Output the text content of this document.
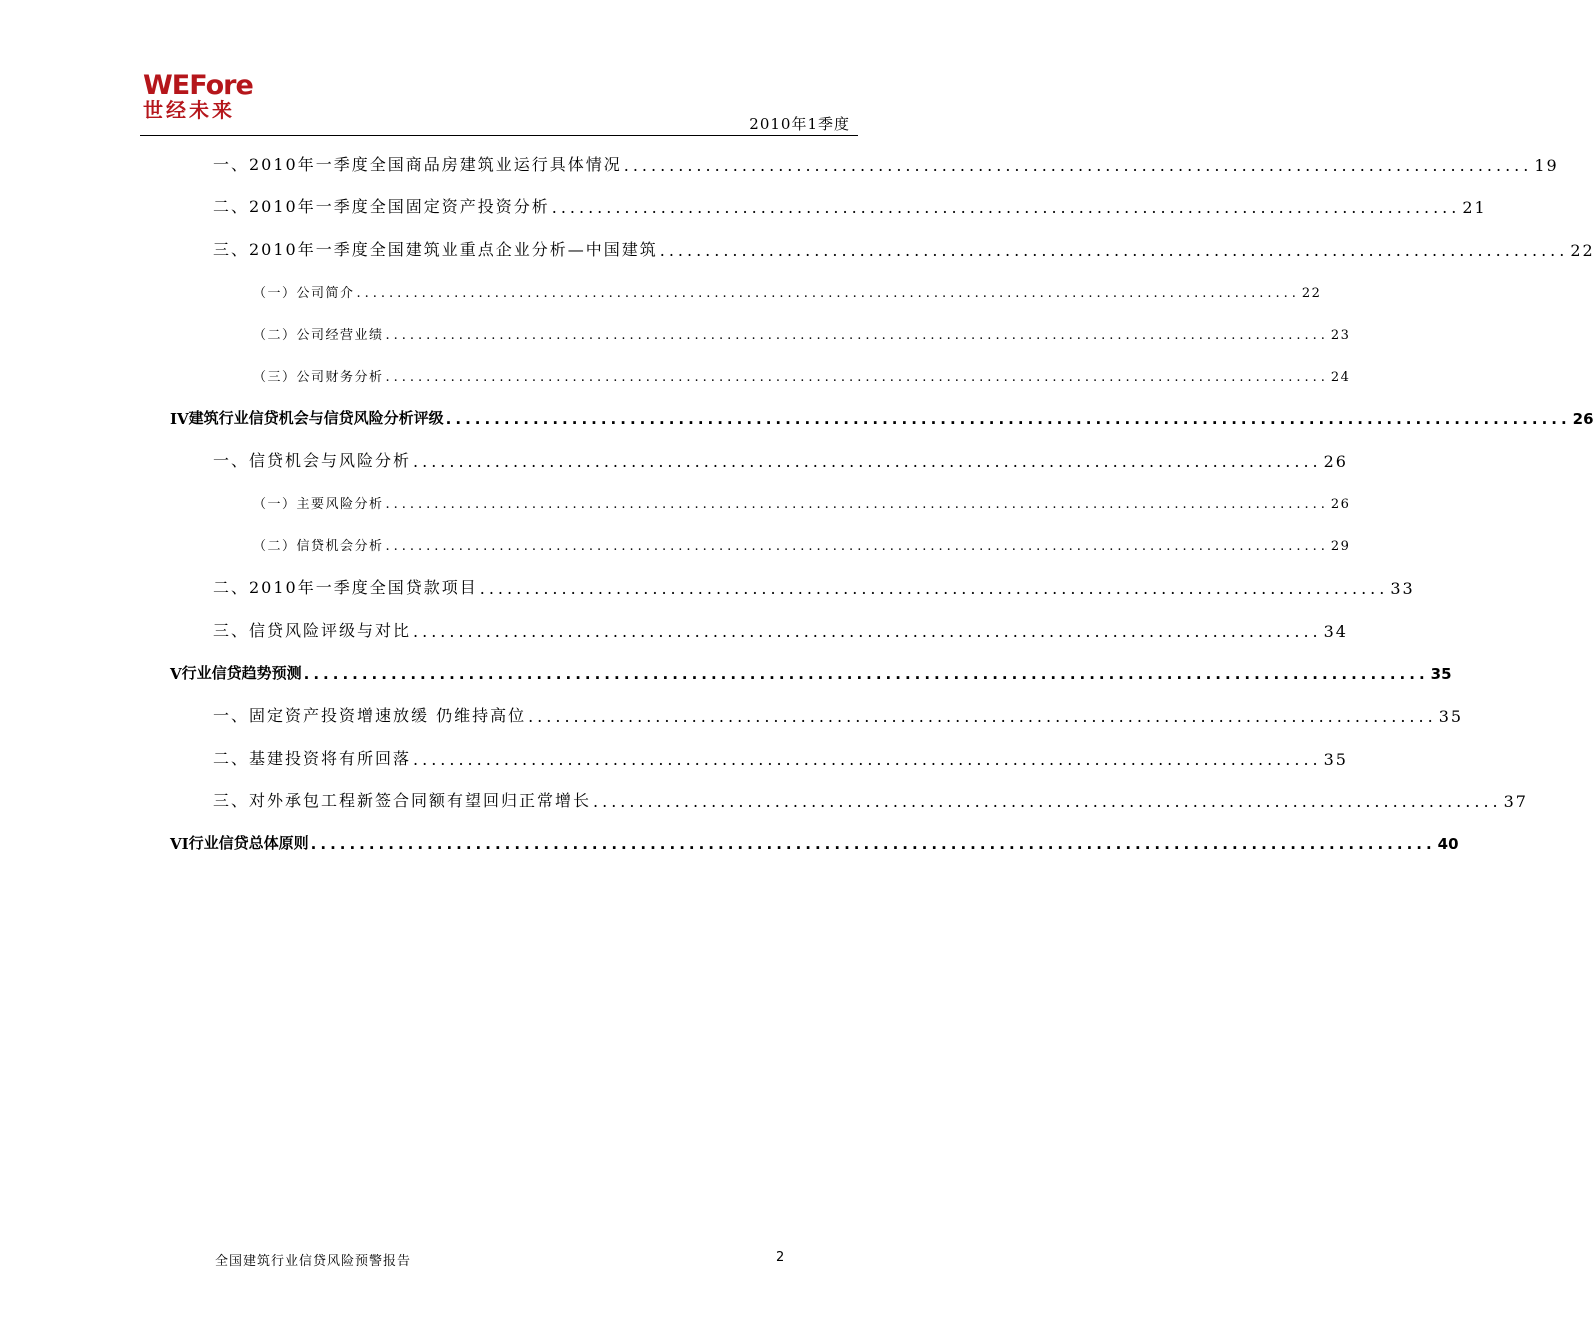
WEFore
世经未来
2010年1季度
一、2010年一季度全国商品房建筑业运行具体情况 .................................................................................................... 19
二、2010年一季度全国固定资产投资分析 .................................................................................................... 21
三、2010年一季度全国建筑业重点企业分析—中国建筑 .................................................................................................... 22
（一）公司简介 .................................................................................................................... 22
（二）公司经营业绩 .................................................................................................................... 23
（三）公司财务分析 .................................................................................................................... 24
IV 建筑行业信贷机会与信贷风险分析评级 .................................................................................................................... 26
一、信贷机会与风险分析 .................................................................................................... 26
（一）主要风险分析 .................................................................................................................... 26
（二）信贷机会分析 .................................................................................................................... 29
二、2010年一季度全国贷款项目 .................................................................................................... 33
三、信贷风险评级与对比 .................................................................................................... 34
V 行业信贷趋势预测 .................................................................................................................... 35
一、固定资产投资增速放缓 仍维持高位 .................................................................................................... 35
二、基建投资将有所回落 .................................................................................................... 35
三、对外承包工程新签合同额有望回归正常增长 .................................................................................................... 37
VI 行业信贷总体原则 .................................................................................................................... 40
全国建筑行业信贷风险预警报告	2
